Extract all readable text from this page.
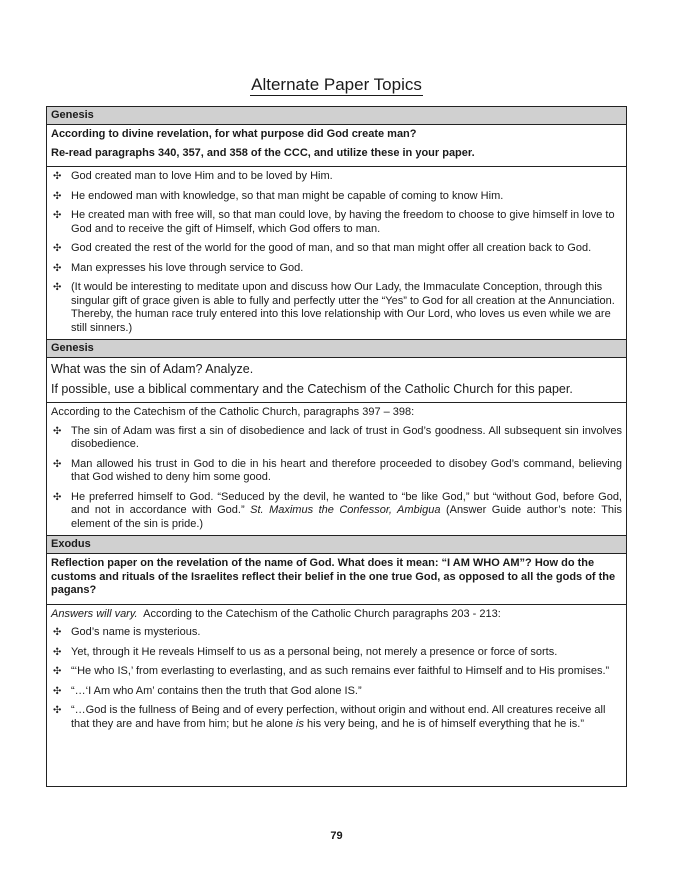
Alternate Paper Topics
Genesis

According to divine revelation, for what purpose did God create man?

Re-read paragraphs 340, 357, and 358 of the CCC, and utilize these in your paper.

✣ God created man to love Him and to be loved by Him.
✣ He endowed man with knowledge, so that man might be capable of coming to know Him.
✣ He created man with free will, so that man could love, by having the freedom to choose to give himself in love to God and to receive the gift of Himself, which God offers to man.
✣ God created the rest of the world for the good of man, and so that man might offer all creation back to God.
✣ Man expresses his love through service to God.
✣ (It would be interesting to meditate upon and discuss how Our Lady, the Immaculate Conception, through this singular gift of grace given is able to fully and perfectly utter the “Yes” to God for all creation at the Annunciation. Thereby, the human race truly entered into this love relationship with Our Lord, who loves us even while we are still sinners.)
Genesis

What was the sin of Adam? Analyze.

If possible, use a biblical commentary and the Catechism of the Catholic Church for this paper.

According to the Catechism of the Catholic Church, paragraphs 397 – 398:

✣ The sin of Adam was first a sin of disobedience and lack of trust in God’s goodness. All subsequent sin involves disobedience.
✣ Man allowed his trust in God to die in his heart and therefore proceeded to disobey God’s command, believing that God wished to deny him some good.
✣ He preferred himself to God. “Seduced by the devil, he wanted to “be like God,” but “without God, before God, and not in accordance with God.” St. Maximus the Confessor, Ambigua (Answer Guide author’s note: This element of the sin is pride.)
Exodus

Reflection paper on the revelation of the name of God. What does it mean: “I AM WHO AM”? How do the customs and rituals of the Israelites reflect their belief in the one true God, as opposed to all the gods of the pagans?

Answers will vary. According to the Catechism of the Catholic Church paragraphs 203 - 213:

✣ God’s name is mysterious.
✣ Yet, through it He reveals Himself to us as a personal being, not merely a presence or force of sorts.
✣ “‘He who IS,’ from everlasting to everlasting, and as such remains ever faithful to Himself and to His promises.”
✣ “…‘I Am who Am’ contains then the truth that God alone IS.”
✣ “…God is the fullness of Being and of every perfection, without origin and without end. All creatures receive all that they are and have from him; but he alone is his very being, and he is of himself everything that he is.”
79
